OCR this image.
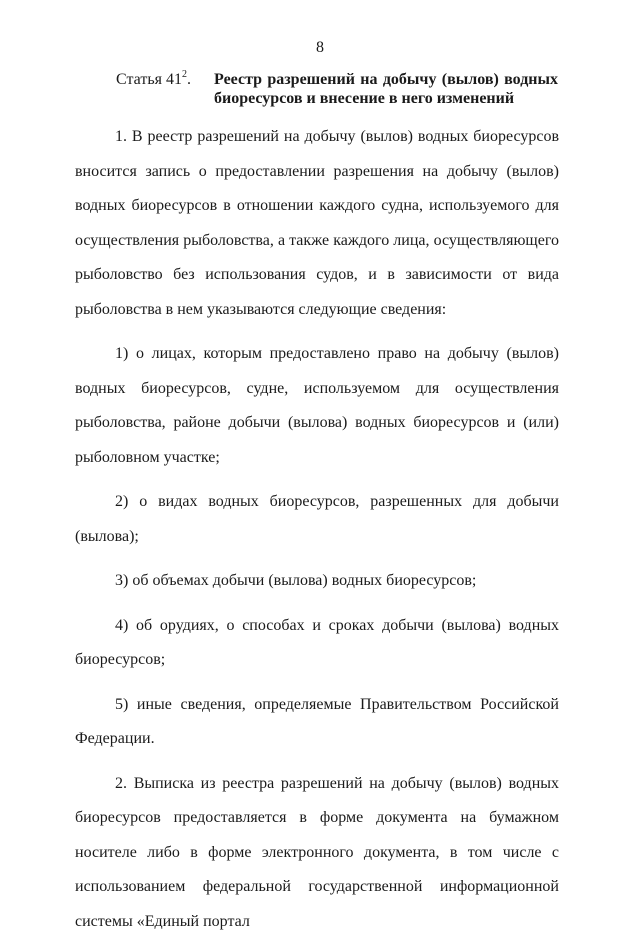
8
Статья $41^2$. Реестр разрешений на добычу (вылов) водных биоресурсов и внесение в него изменений

1. В реестр разрешений на добычу (вылов) водных биоресурсов вносится запись о предоставлении разрешения на добычу (вылов) водных биоресурсов в отношении каждого судна, используемого для осуществления рыболовства, а также каждого лица, осуществляющего рыболовство без использования судов, и в зависимости от вида рыболовства в нем указываются следующие сведения:

1) о лицах, которым предоставлено право на добычу (вылов) водных биоресурсов, судне, используемом для осуществления рыболовства, районе добычи (вылова) водных биоресурсов и (или) рыболовном участке;

2) о видах водных биоресурсов, разрешенных для добычи (вылова);

3) об объемах добычи (вылова) водных биоресурсов;

4) об орудиях, о способах и сроках добычи (вылова) водных биоресурсов;

5) иные сведения, определяемые Правительством Российской Федерации.

2. Выписка из реестра разрешений на добычу (вылов) водных биоресурсов предоставляется в форме документа на бумажном носителе либо в форме электронного документа, в том числе с использованием федеральной государственной информационной системы «Единый портал
